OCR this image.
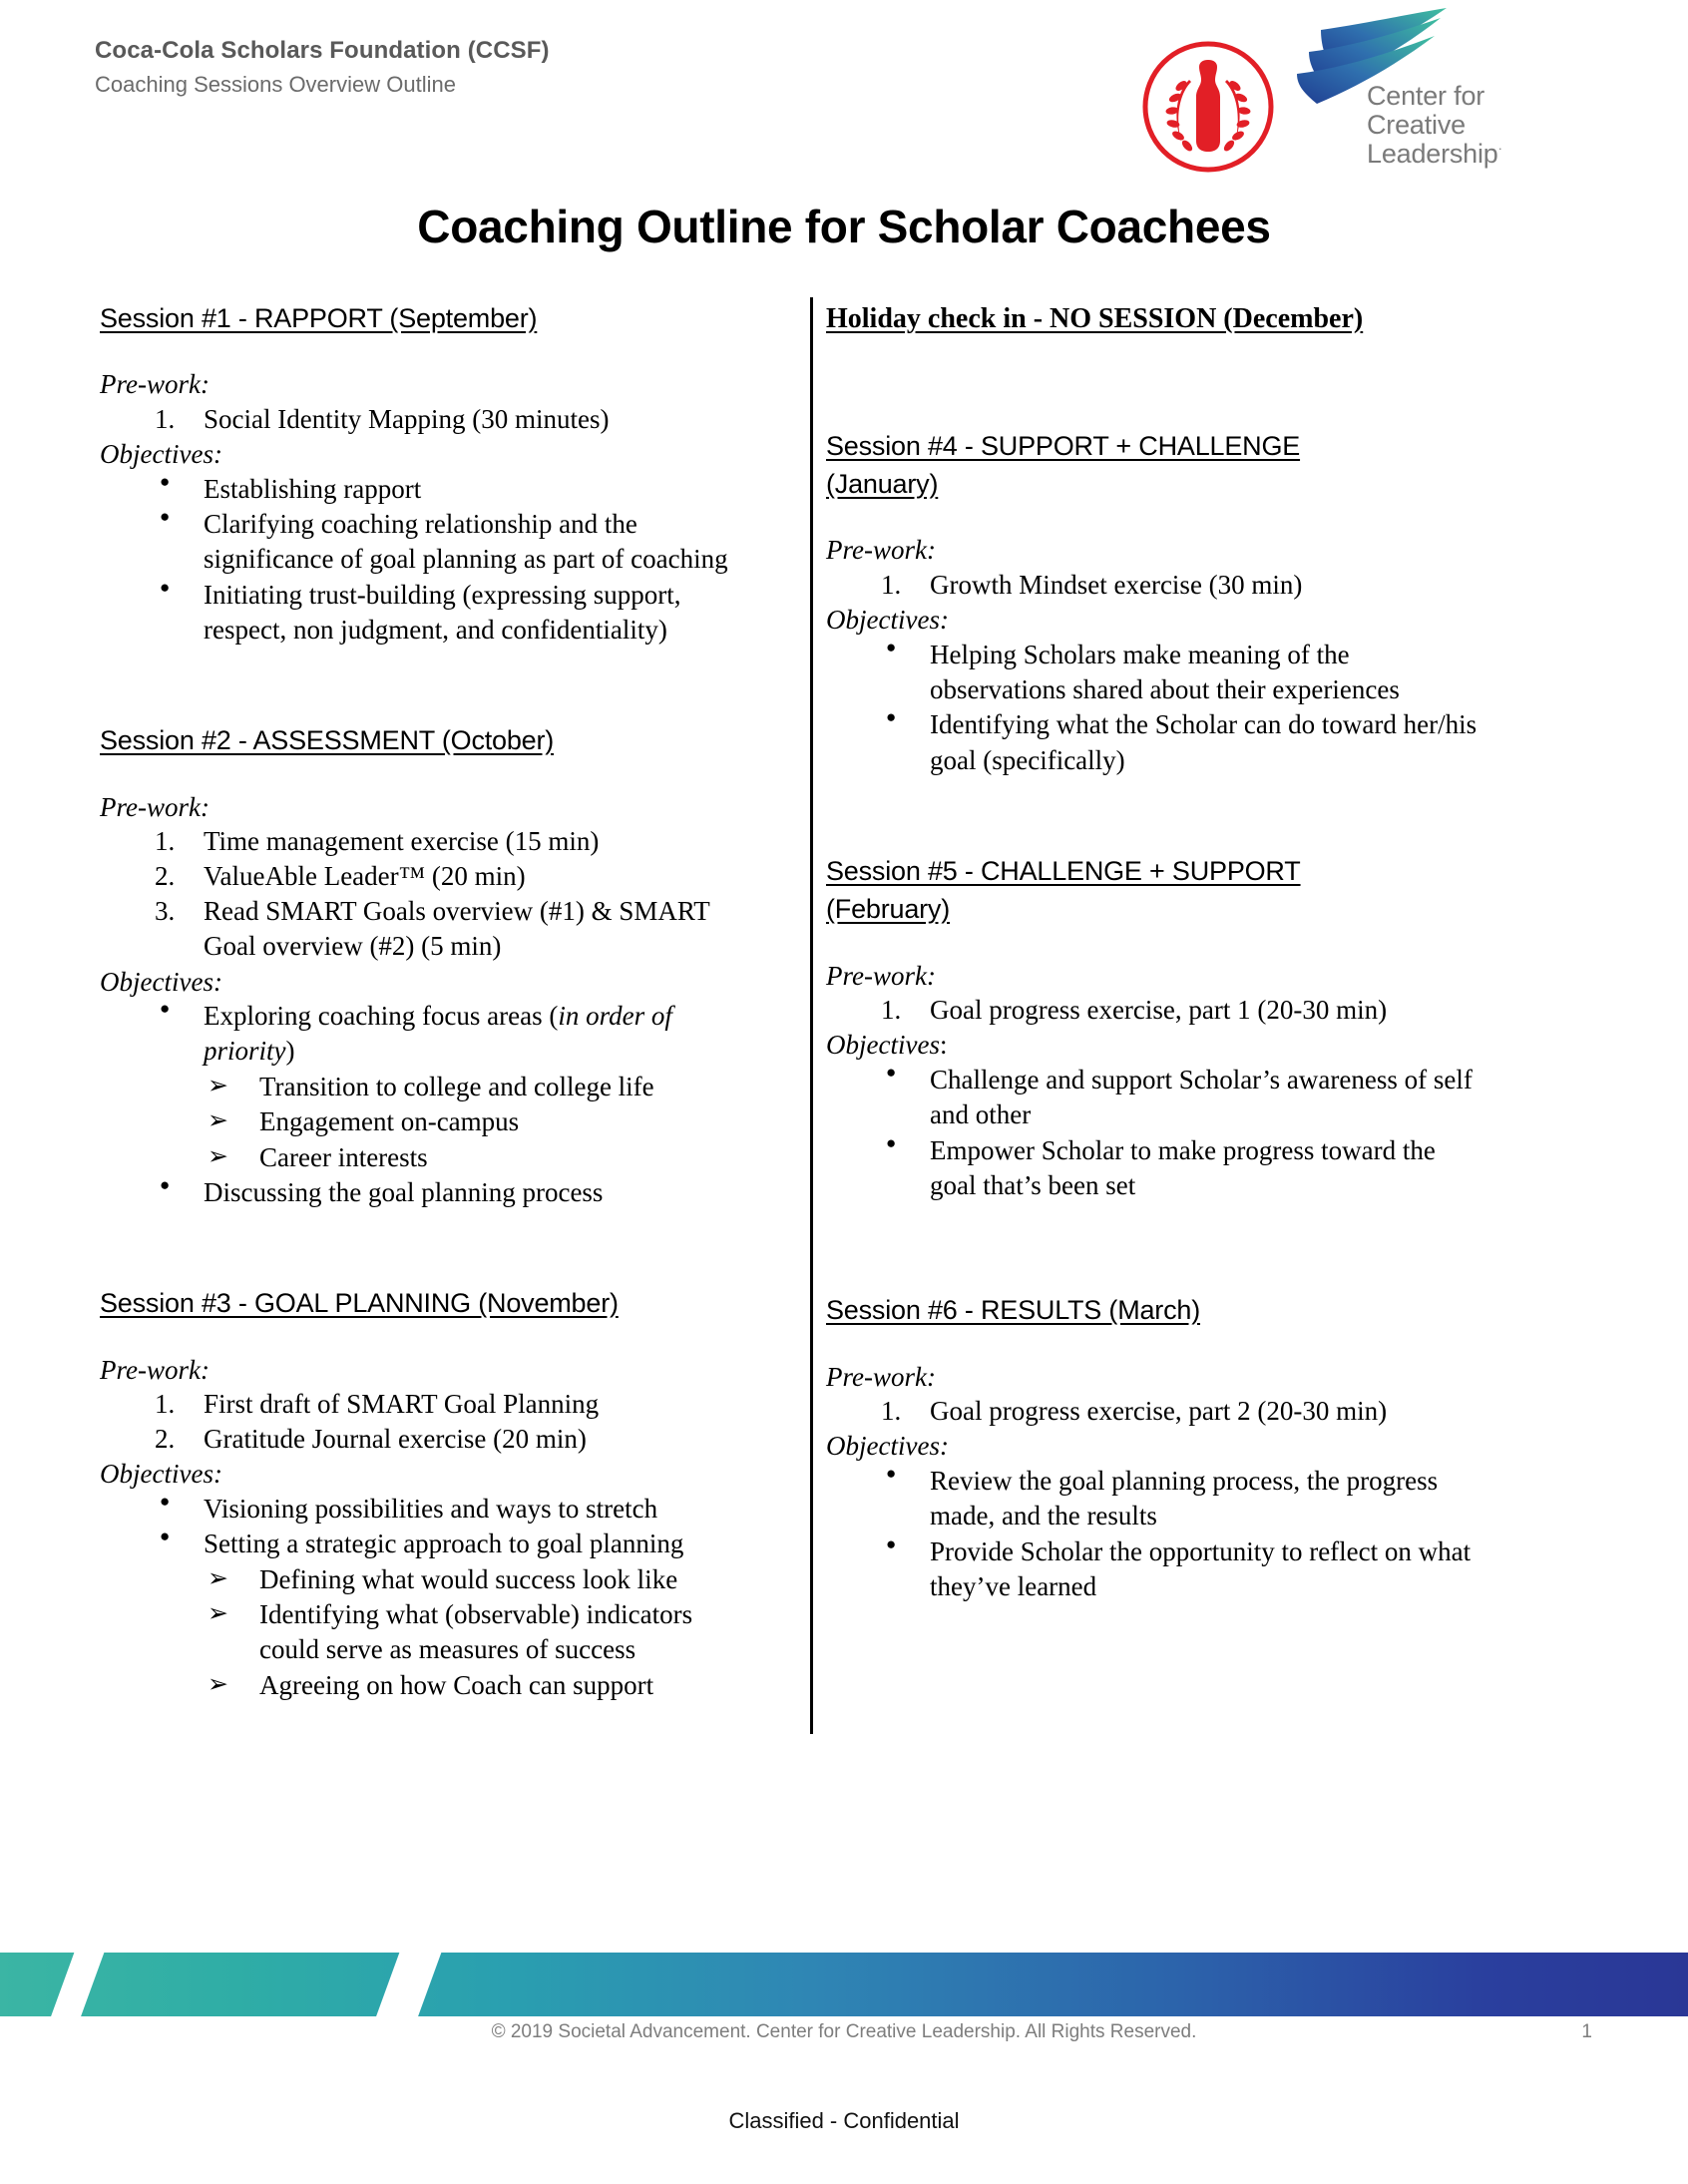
Coca-Cola Scholars Foundation (CCSF)
Coaching Sessions Overview Outline	Center for
Creative
Leadership·
Coaching Outline for Scholar Coachees
Session #1 - RAPPORT (September)
Pre-work:
1. Social Identity Mapping (30 minutes)
Objectives:
● Establishing rapport
● Clarifying coaching relationship and the significance of goal planning as part of coaching
● Initiating trust-building (expressing support, respect, non judgment, and confidentiality)
Session #2 - ASSESSMENT (October)
Pre-work:
1. Time management exercise (15 min)
2. ValueAble Leader™ (20 min)
3. Read SMART Goals overview (#1) & SMART Goal overview (#2) (5 min)
Objectives:
● Exploring coaching focus areas (in order of priority)
➢ Transition to college and college life
➢ Engagement on-campus
➢ Career interests
● Discussing the goal planning process
Session #3 - GOAL PLANNING (November)
Pre-work:
1. First draft of SMART Goal Planning
2. Gratitude Journal exercise (20 min)
Objectives:
● Visioning possibilities and ways to stretch
● Setting a strategic approach to goal planning
➢ Defining what would success look like
➢ Identifying what (observable) indicators could serve as measures of success
➢ Agreeing on how Coach can support
Holiday check in - NO SESSION (December)
Session #4 - SUPPORT + CHALLENGE
(January)
Pre-work:
1. Growth Mindset exercise (30 min)
Objectives:
● Helping Scholars make meaning of the observations shared about their experiences
● Identifying what the Scholar can do toward her/his goal (specifically)
Session #5 - CHALLENGE + SUPPORT
(February)
Pre-work:
1. Goal progress exercise, part 1 (20-30 min)
Objectives:
● Challenge and support Scholar’s awareness of self and other
● Empower Scholar to make progress toward the goal that’s been set
Session #6 - RESULTS (March)
Pre-work:
1. Goal progress exercise, part 2 (20-30 min)
Objectives:
● Review the goal planning process, the progress made, and the results
● Provide Scholar the opportunity to reflect on what they’ve learned
© 2019 Societal Advancement. Center for Creative Leadership. All Rights Reserved.	1
Classified - Confidential
